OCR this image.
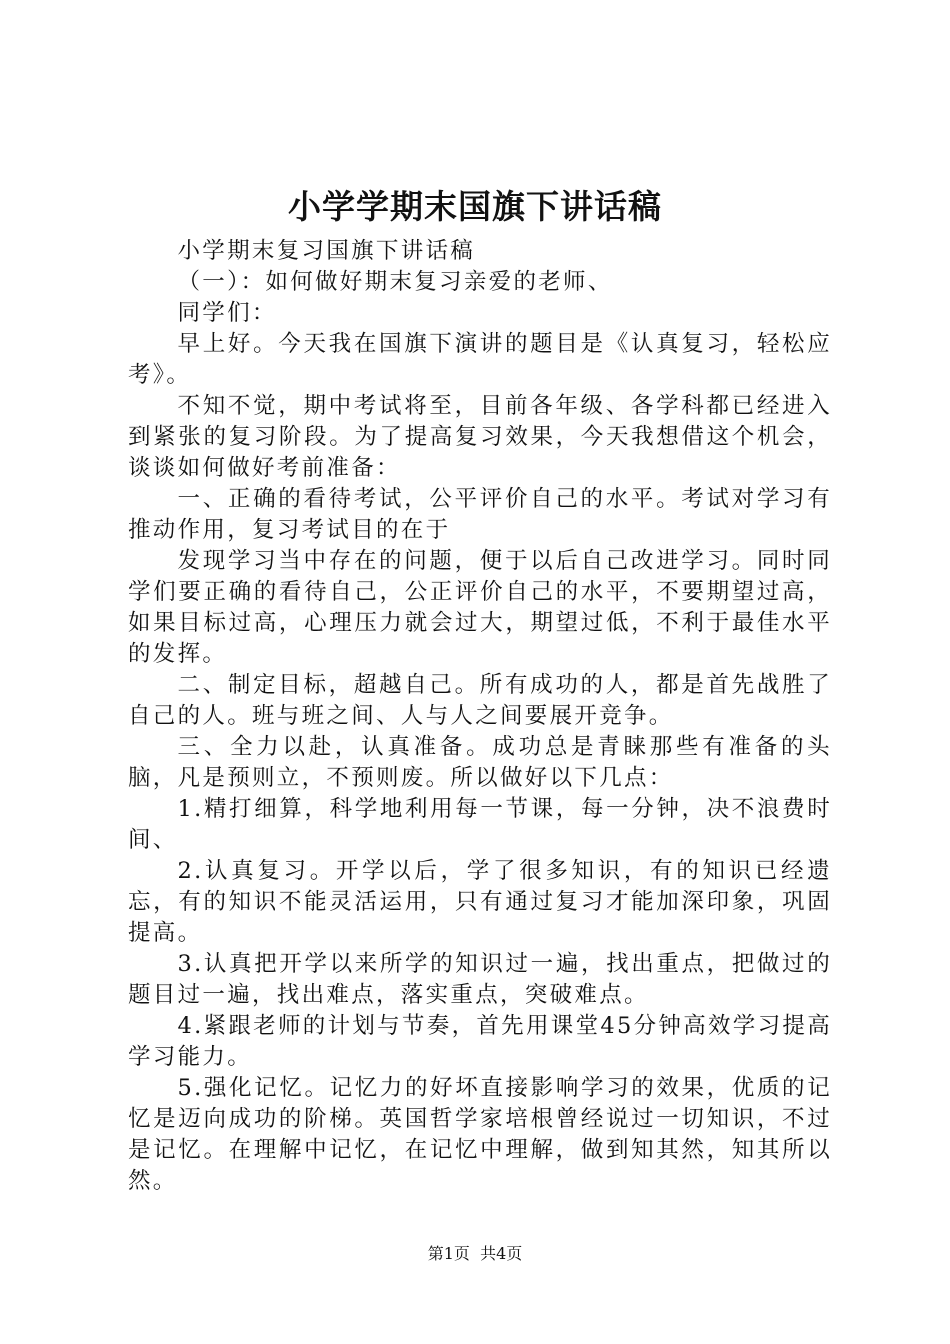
小学学期末国旗下讲话稿

小学期末复习国旗下讲话稿

（一）：如何做好期末复习亲爱的老师、

同学们：

早上好。今天我在国旗下演讲的题目是《认真复习，轻松应考》。

不知不觉，期中考试将至，目前各年级、各学科都已经进入到紧张的复习阶段。为了提高复习效果，今天我想借这个机会，谈谈如何做好考前准备：

一、正确的看待考试，公平评价自己的水平。考试对学习有推动作用，复习考试目的在于

发现学习当中存在的问题，便于以后自己改进学习。同时同学们要正确的看待自己，公正评价自己的水平，不要期望过高，如果目标过高，心理压力就会过大，期望过低，不利于最佳水平的发挥。

二、制定目标，超越自己。所有成功的人，都是首先战胜了自己的人。班与班之间、人与人之间要展开竞争。

三、全力以赴，认真准备。成功总是青睐那些有准备的头脑，凡是预则立，不预则废。所以做好以下几点：

1.精打细算，科学地利用每一节课，每一分钟，决不浪费时间、

2.认真复习。开学以后，学了很多知识，有的知识已经遗忘，有的知识不能灵活运用，只有通过复习才能加深印象，巩固提高。

3.认真把开学以来所学的知识过一遍，找出重点，把做过的题目过一遍，找出难点，落实重点，突破难点。

4.紧跟老师的计划与节奏，首先用课堂45分钟高效学习提高学习能力。

5.强化记忆。记忆力的好坏直接影响学习的效果，优质的记忆是迈向成功的阶梯。英国哲学家培根曾经说过一切知识，不过是记忆。在理解中记忆，在记忆中理解，做到知其然，知其所以然。

第1页 共4页
